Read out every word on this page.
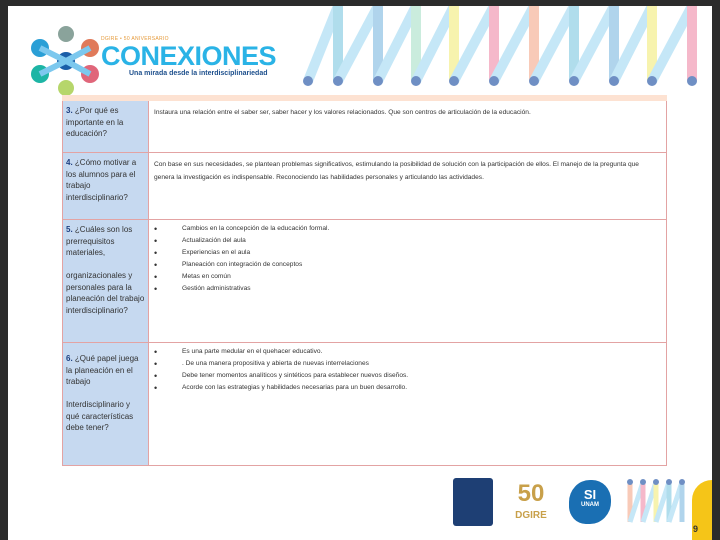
DGIRE • 50 ANIVERSARIO
CONEXIONES
Una mirada desde la interdisciplinariedad
3. ¿Por qué es importante en la educación?
Instaura una relación entre el saber ser, saber hacer y los valores relacionados. Que son centros de articulación de la educación.
4. ¿Cómo motivar a los alumnos para el trabajo interdisciplinario?
Con base en sus necesidades, se plantean problemas significativos, estimulando la posibilidad de solución con la participación de ellos. El manejo de la pregunta que genera la investigación es indispensable. Reconociendo las habilidades personales y articulando las actividades.
5. ¿Cuáles son los prerrequisitos materiales,

organizacionales y personales para la planeación del trabajo interdisciplinario?
• Cambios en la concepción de la educación formal.
• Actualización del aula
• Experiencias en el aula
• Planeación con integración de conceptos
• Metas en común
• Gestión administrativas
6. ¿Qué papel juega la planeación en el trabajo

Interdisciplinario y qué características debe tener?
• Es una parte medular en el quehacer educativo.
• . De una manera propositiva y abierta de nuevas interrelaciones
• Debe tener momentos analíticos y sintéticos para establecer nuevos diseños.
• Acorde con las estrategias y habilidades necesarias para un buen desarrollo.
50
DGIRE
SI
UNAM
9
